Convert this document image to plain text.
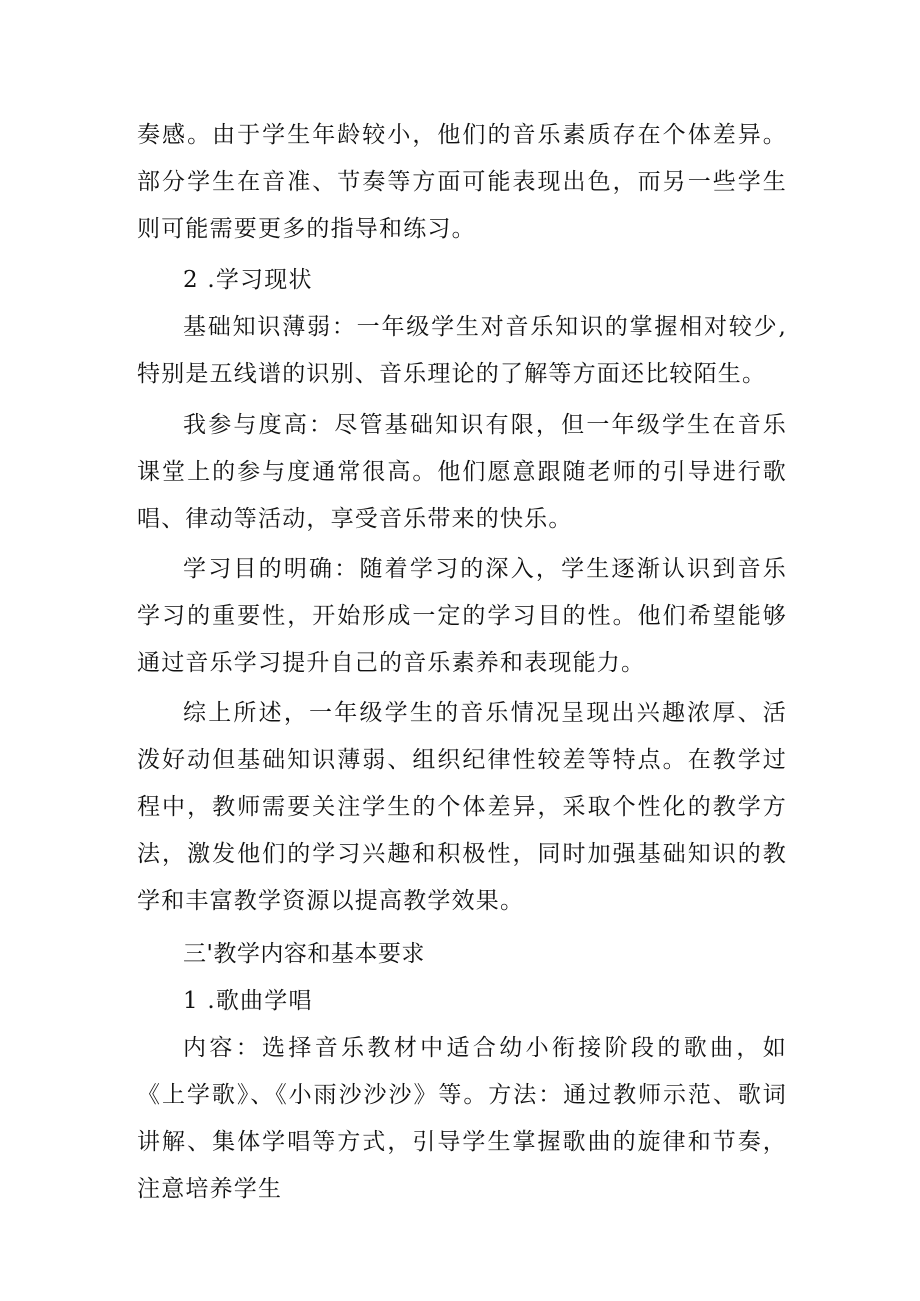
奏感。由于学生年龄较小，他们的音乐素质存在个体差异。部分学生在音准、节奏等方面可能表现出色，而另一些学生则可能需要更多的指导和练习。

2 .学习现状

基础知识薄弱：一年级学生对音乐知识的掌握相对较少,特别是五线谱的识别、音乐理论的了解等方面还比较陌生。

我参与度高：尽管基础知识有限，但一年级学生在音乐课堂上的参与度通常很高。他们愿意跟随老师的引导进行歌唱、律动等活动，享受音乐带来的快乐。

学习目的明确：随着学习的深入，学生逐渐认识到音乐学习的重要性，开始形成一定的学习目的性。他们希望能够通过音乐学习提升自己的音乐素养和表现能力。

综上所述，一年级学生的音乐情况呈现出兴趣浓厚、活泼好动但基础知识薄弱、组织纪律性较差等特点。在教学过程中，教师需要关注学生的个体差异，采取个性化的教学方法，激发他们的学习兴趣和积极性，同时加强基础知识的教学和丰富教学资源以提高教学效果。

三'教学内容和基本要求

1 .歌曲学唱

内容：选择音乐教材中适合幼小衔接阶段的歌曲，如《上学歌》、《小雨沙沙沙》等。方法：通过教师示范、歌词讲解、集体学唱等方式，引导学生掌握歌曲的旋律和节奏，注意培养学生
